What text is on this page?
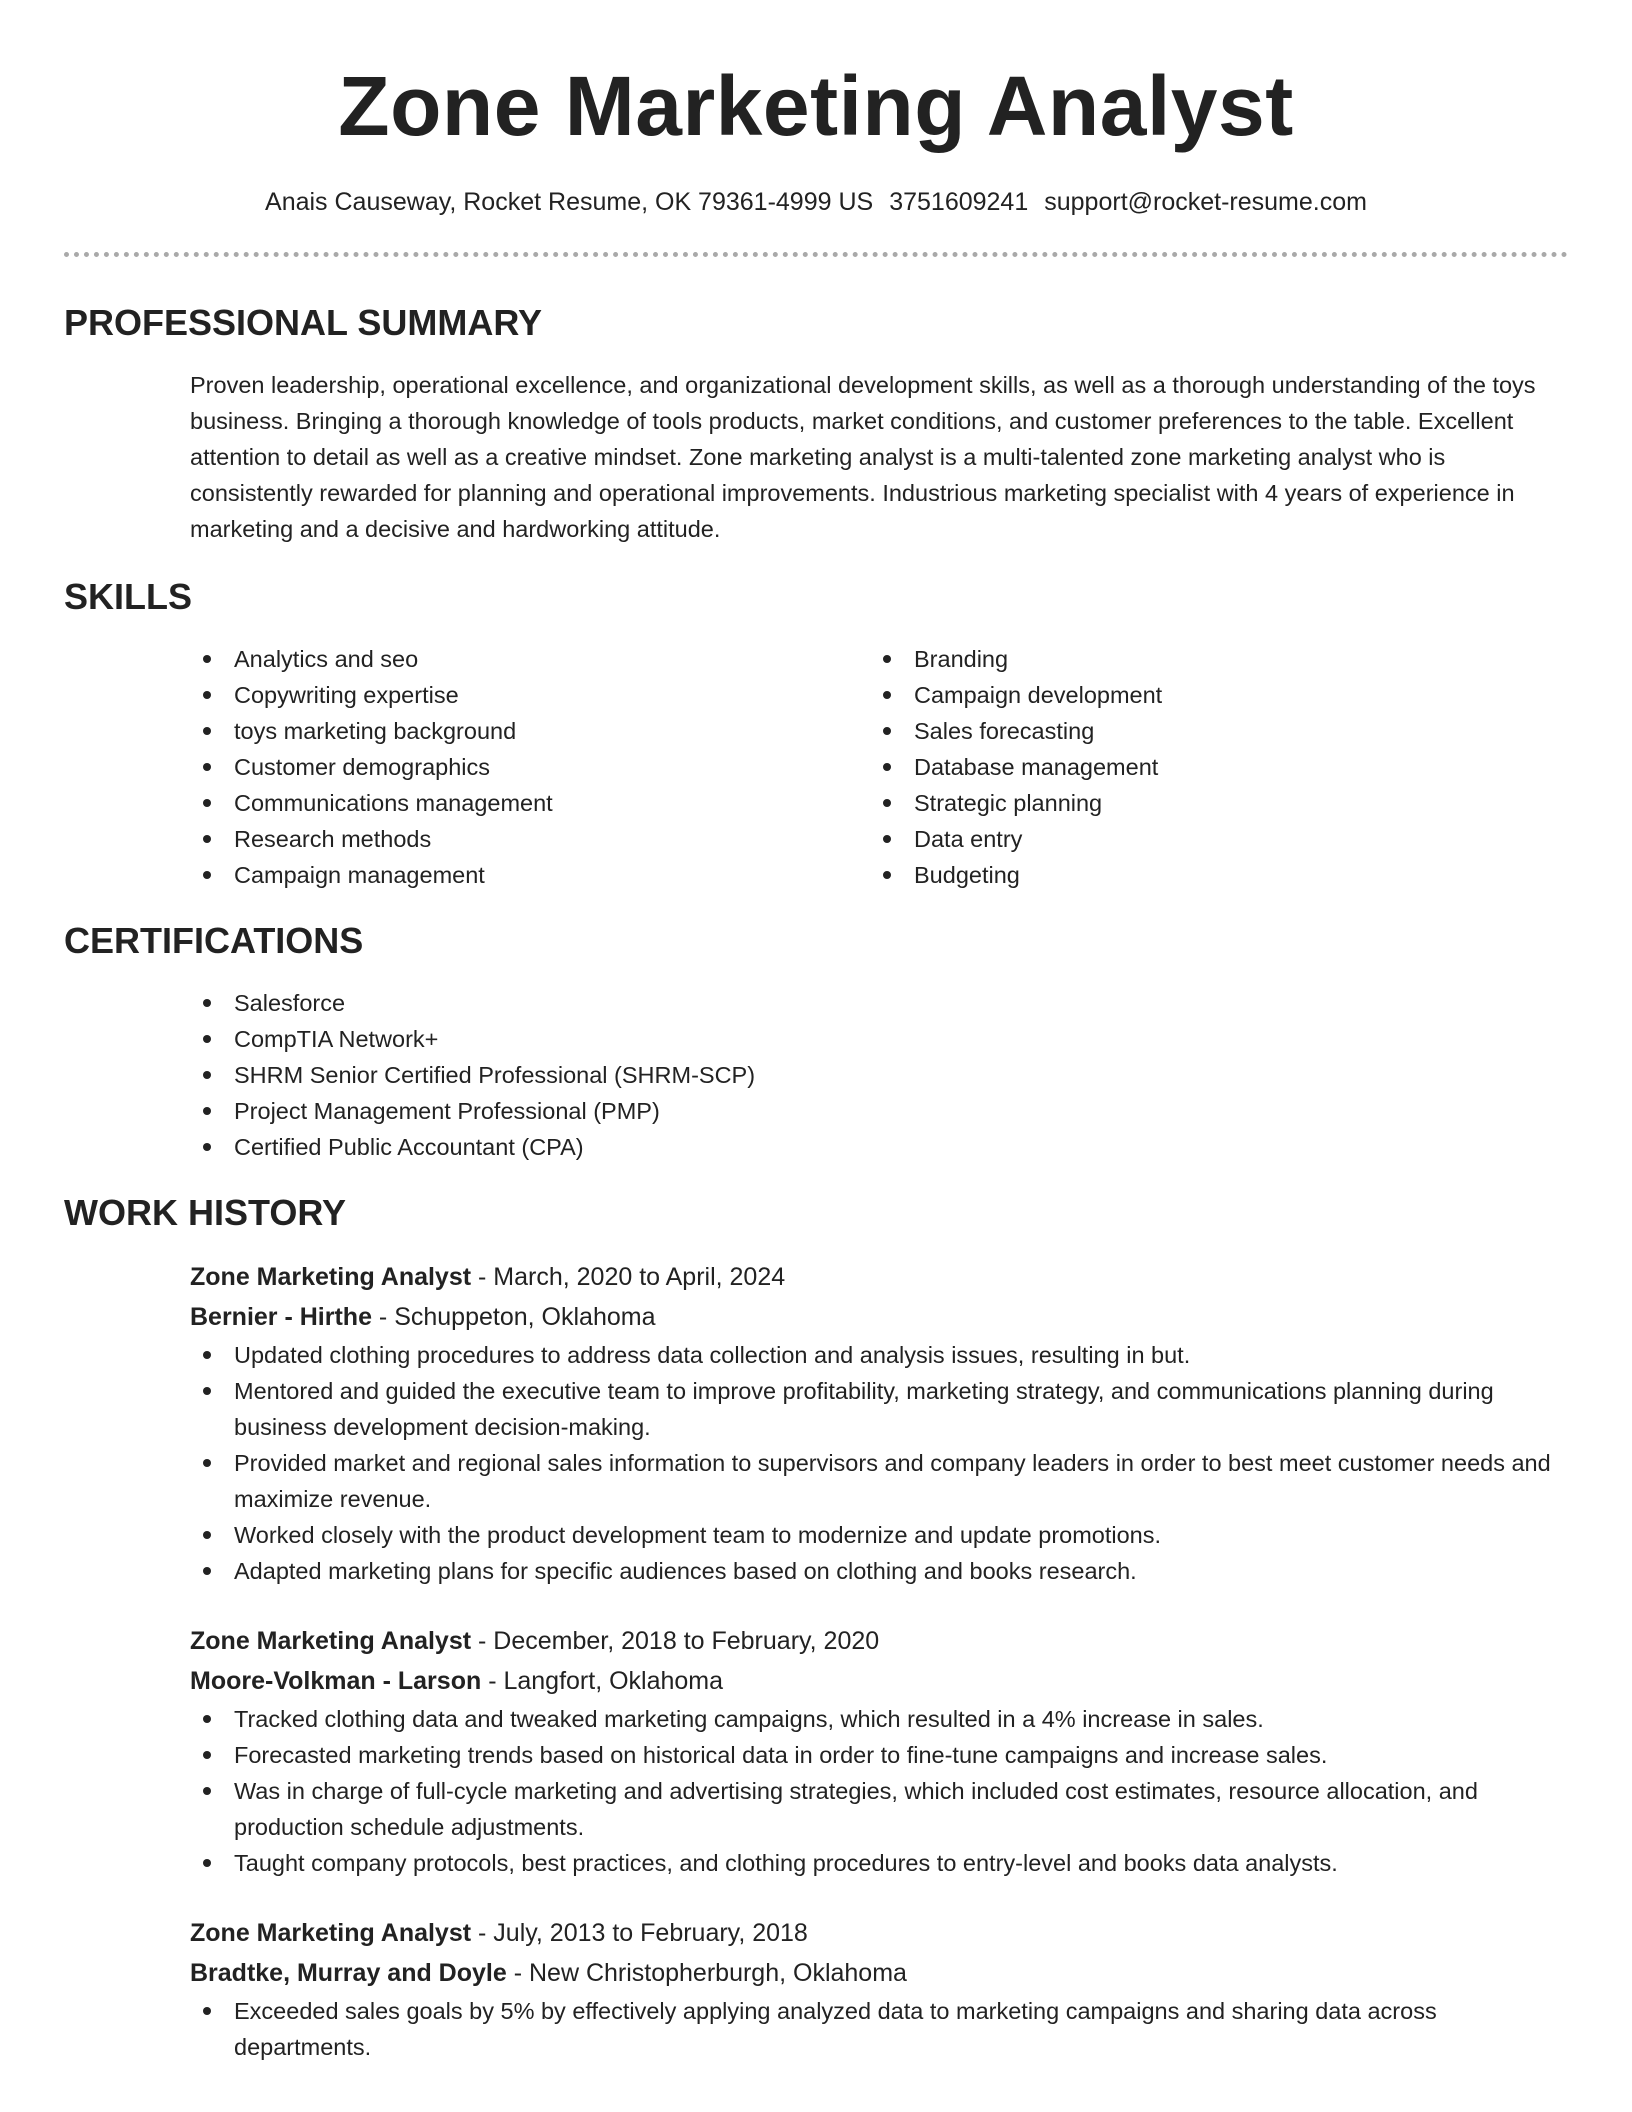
Zone Marketing Analyst
Anais Causeway, Rocket Resume, OK 79361-4999 US 3751609241 support@rocket-resume.com
PROFESSIONAL SUMMARY

Proven leadership, operational excellence, and organizational development skills, as well as a thorough understanding of the toys business. Bringing a thorough knowledge of tools products, market conditions, and customer preferences to the table. Excellent attention to detail as well as a creative mindset. Zone marketing analyst is a multi-talented zone marketing analyst who is consistently rewarded for planning and operational improvements. Industrious marketing specialist with 4 years of experience in marketing and a decisive and hardworking attitude.

SKILLS
Analytics and seo
Copywriting expertise
toys marketing background
Customer demographics
Communications management
Research methods
Campaign management
Branding
Campaign development
Sales forecasting
Database management
Strategic planning
Data entry
Budgeting
CERTIFICATIONS
Salesforce
CompTIA Network+
SHRM Senior Certified Professional (SHRM-SCP)
Project Management Professional (PMP)
Certified Public Accountant (CPA)
WORK HISTORY
Zone Marketing Analyst - March, 2020 to April, 2024
Bernier - Hirthe - Schuppeton, Oklahoma
Updated clothing procedures to address data collection and analysis issues, resulting in but.
Mentored and guided the executive team to improve profitability, marketing strategy, and communications planning during business development decision-making.
Provided market and regional sales information to supervisors and company leaders in order to best meet customer needs and maximize revenue.
Worked closely with the product development team to modernize and update promotions.
Adapted marketing plans for specific audiences based on clothing and books research.
Zone Marketing Analyst - December, 2018 to February, 2020
Moore-Volkman - Larson - Langfort, Oklahoma
Tracked clothing data and tweaked marketing campaigns, which resulted in a 4% increase in sales.
Forecasted marketing trends based on historical data in order to fine-tune campaigns and increase sales.
Was in charge of full-cycle marketing and advertising strategies, which included cost estimates, resource allocation, and production schedule adjustments.
Taught company protocols, best practices, and clothing procedures to entry-level and books data analysts.
Zone Marketing Analyst - July, 2013 to February, 2018
Bradtke, Murray and Doyle - New Christopherburgh, Oklahoma
Exceeded sales goals by 5% by effectively applying analyzed data to marketing campaigns and sharing data across departments.
